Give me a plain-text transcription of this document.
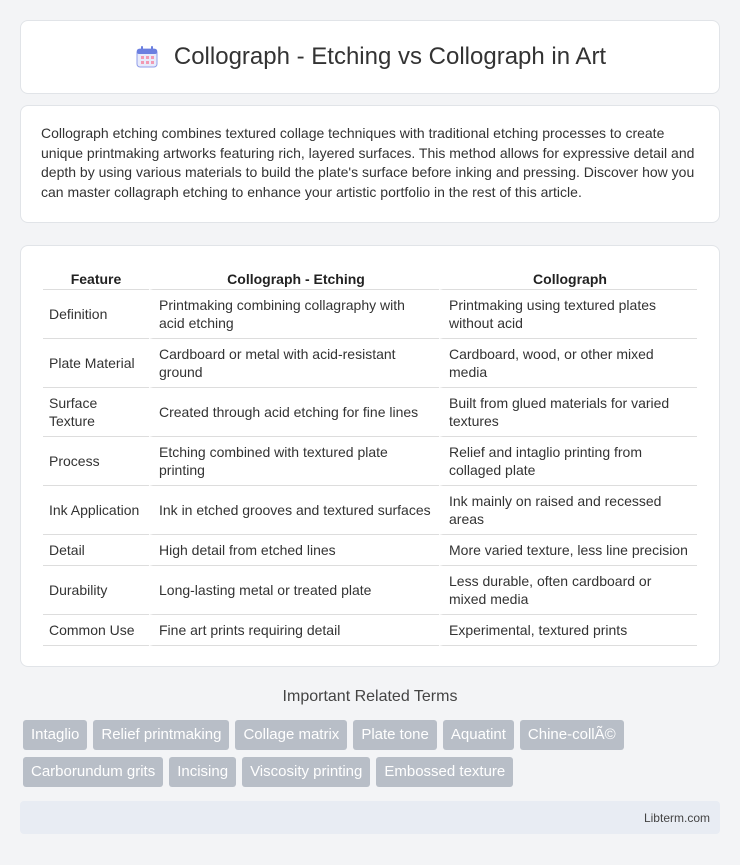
Collograph - Etching vs Collograph in Art

Collograph etching combines textured collage techniques with traditional etching processes to create unique printmaking artworks featuring rich, layered surfaces. This method allows for expressive detail and depth by using various materials to build the plate's surface before inking and pressing. Discover how you can master collagraph etching to enhance your artistic portfolio in the rest of this article.

Feature	Collograph - Etching	Collograph
Definition	Printmaking combining collagraphy with acid etching	Printmaking using textured plates without acid
Plate Material	Cardboard or metal with acid-resistant ground	Cardboard, wood, or other mixed media
Surface Texture	Created through acid etching for fine lines	Built from glued materials for varied textures
Process	Etching combined with textured plate printing	Relief and intaglio printing from collaged plate
Ink Application	Ink in etched grooves and textured surfaces	Ink mainly on raised and recessed areas
Detail	High detail from etched lines	More varied texture, less line precision
Durability	Long-lasting metal or treated plate	Less durable, often cardboard or mixed media
Common Use	Fine art prints requiring detail	Experimental, textured prints
Important Related Terms
Intaglio Relief printmaking Collage matrix Plate tone Aquatint Chine-collÃ©
Carborundum grits Incising Viscosity printing Embossed texture
Libterm.com
